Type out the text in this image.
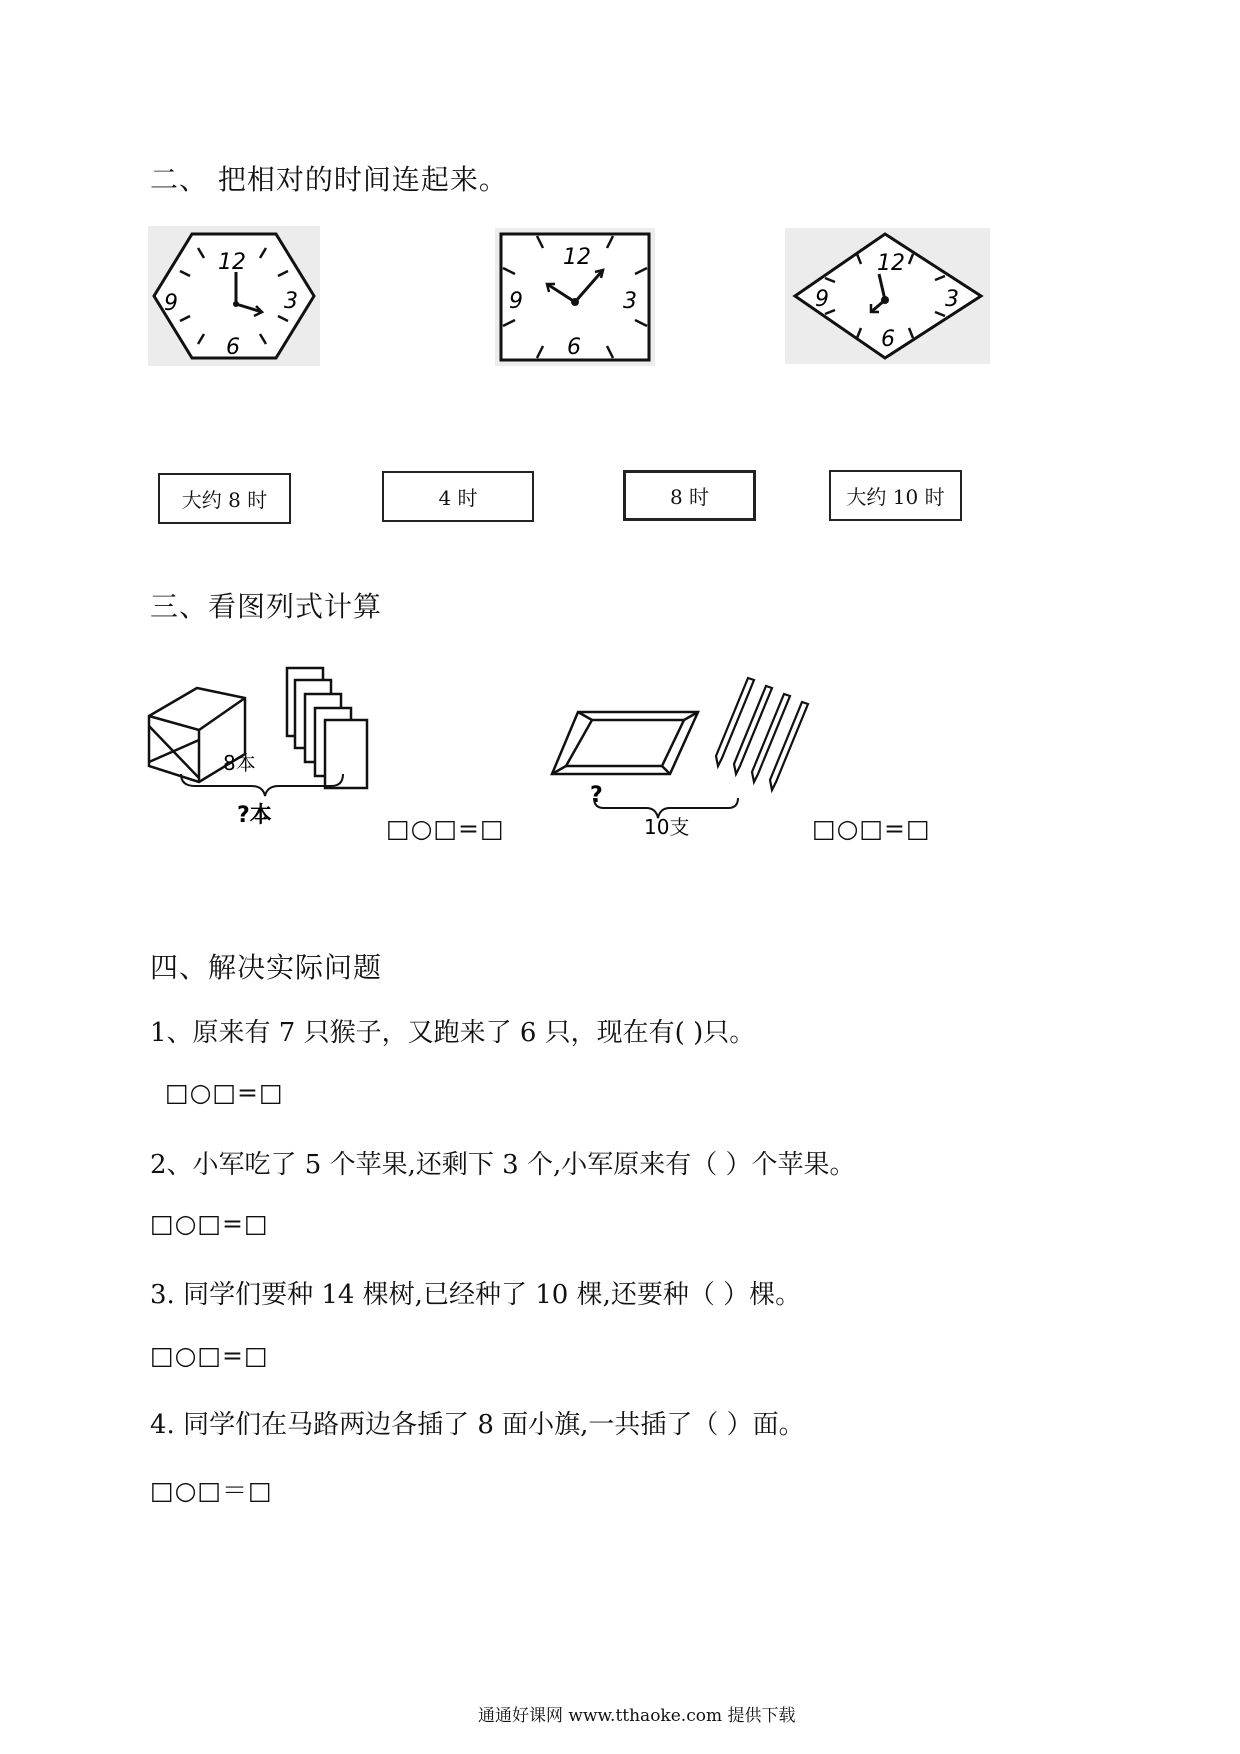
二、 把相对的时间连起来。
12
3
6
9
12
3
6
9
12
3
6
9
大约 8 时	4 时	8 时	大约 10 时
三、看图列式计算
8本
?本	□○□=□
?
10支	□○□=□
四、解决实际问题
1、原来有 7 只猴子，又跑来了 6 只，现在有( )只。
□○□=□
2、小军吃了 5 个苹果,还剩下 3 个,小军原来有（ ）个苹果。
□○□=□
3. 同学们要种 14 棵树,已经种了 10 棵,还要种（ ）棵。
□○□=□
4. 同学们在马路两边各插了 8 面小旗,一共插了（ ）面。
□○□＝□
通通好课网 www.tthaoke.com 提供下载
